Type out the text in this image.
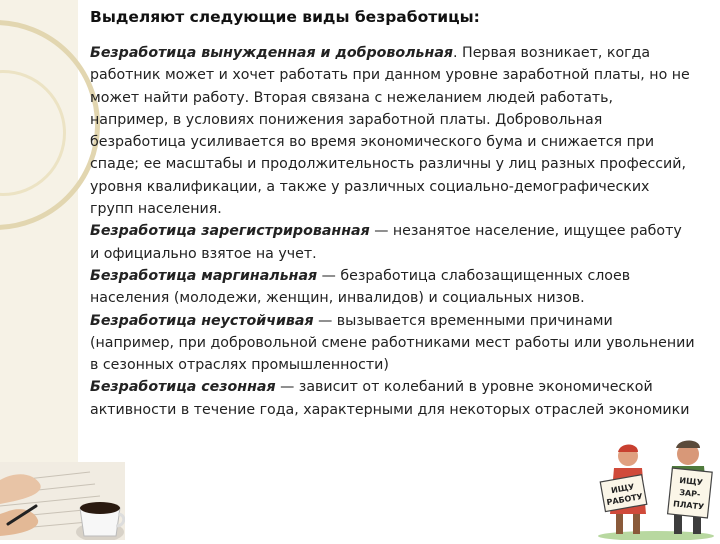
Выделяют следующие виды безработицы:
Безработица вынужденная и добровольная. Первая возникает, когда работник может и хочет работать при данном уровне заработной платы, но не может найти работу. Вторая связана с нежеланием людей работать, например, в условиях понижения заработной платы. Добровольная безработица усиливается во время экономического бума и снижается при спаде; ее масштабы и продолжительность различны у лиц разных профессий, уровня квалификации, а также у различных социально-демографических групп населения.
Безработица зарегистрированная — незанятое население, ищущее работу и официально взятое на учет.
Безработица маргинальная — безработица слабозащищенных слоев населения (молодежи, женщин, инвалидов) и социальных низов.
Безработица неустойчивая — вызывается временными причинами (например, при добровольной смене работниками мест работы или увольнении в сезонных отраслях промышленности)
Безработица сезонная — зависит от колебаний в уровне экономической активности в течение года, характерными для некоторых отраслей экономики
ИЩУ
РАБОТУ
ИЩУ
ЗАР-
ПЛАТУ
